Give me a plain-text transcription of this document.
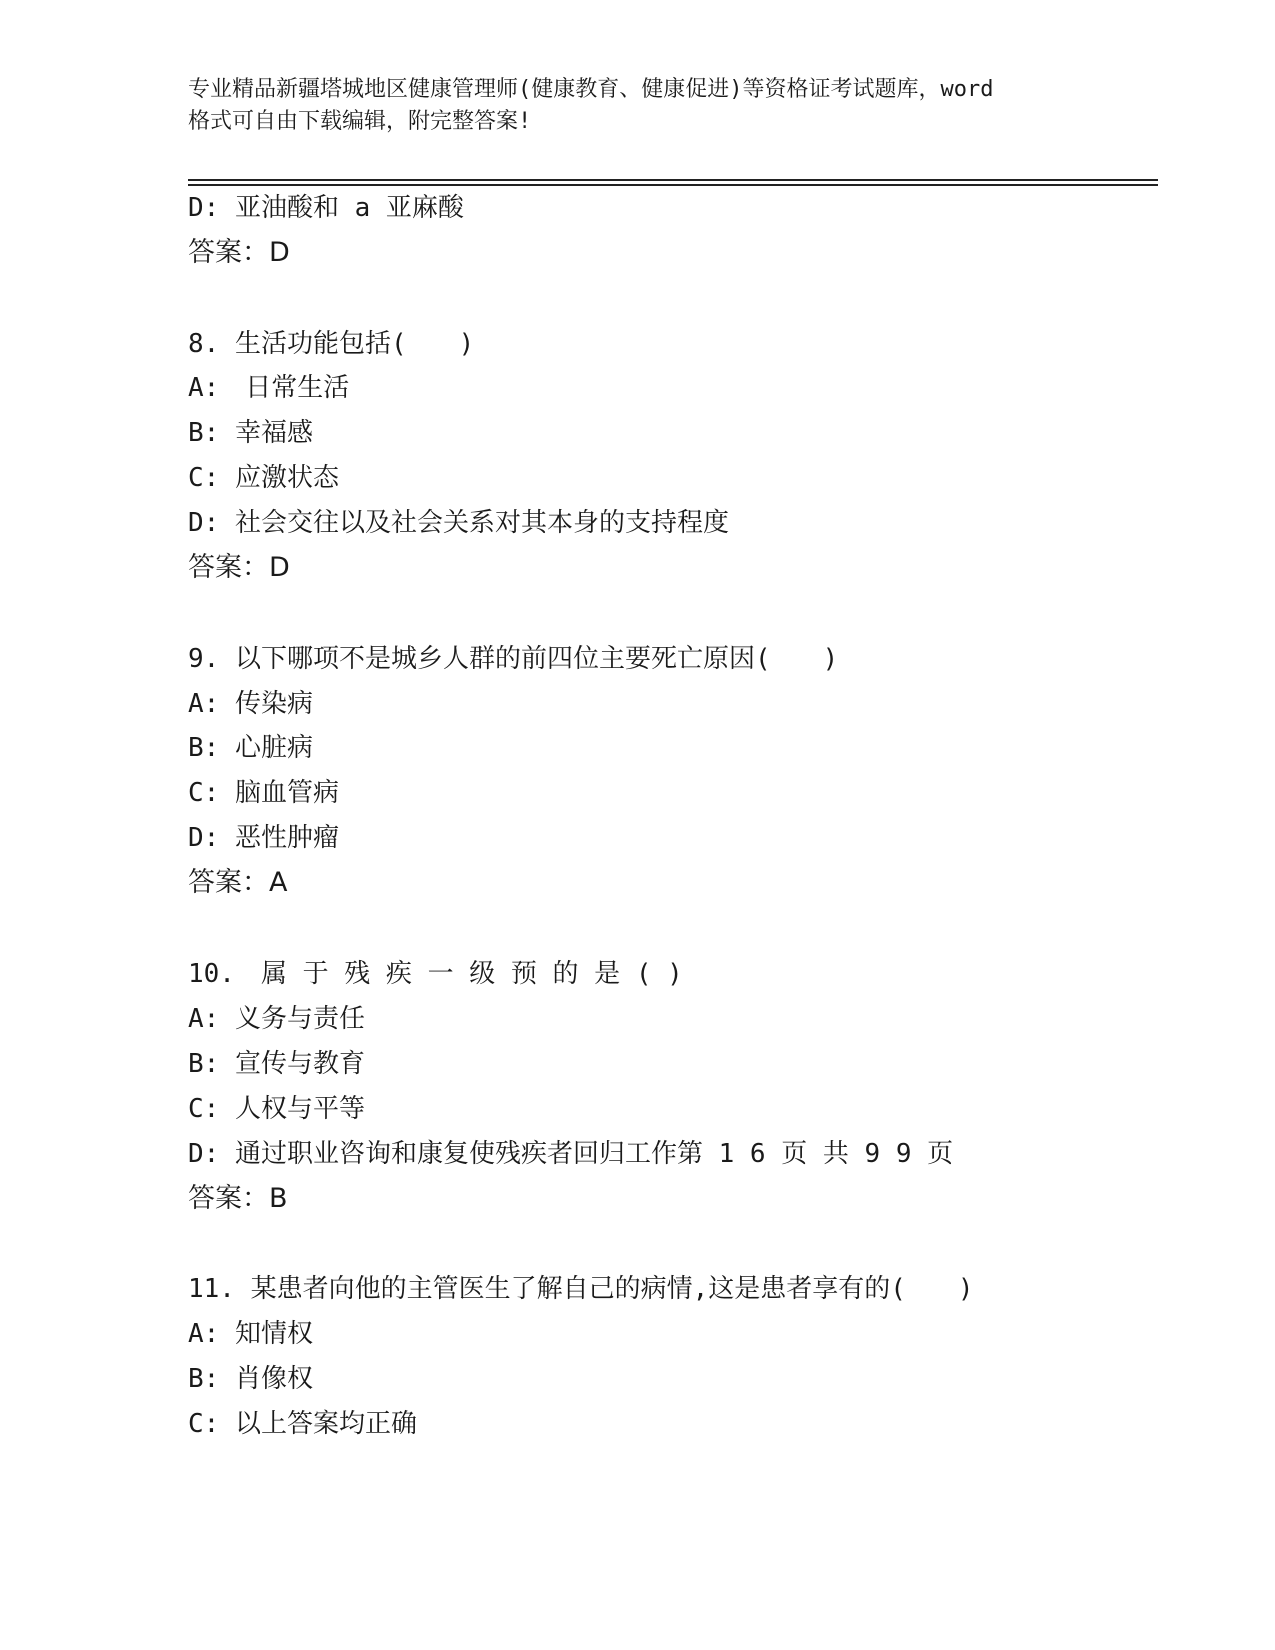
专业精品新疆塔城地区健康管理师(健康教育、健康促进)等资格证考试题库，word
格式可自由下载编辑，附完整答案!
D: 亚油酸和 a 亚麻酸
答案：D
8. 生活功能包括(　　)
A:　日常生活
B: 幸福感
C: 应激状态
D: 社会交往以及社会关系对其本身的支持程度
答案：D
9. 以下哪项不是城乡人群的前四位主要死亡原因(　　)
A: 传染病
B: 心脏病
C: 脑血管病
D: 恶性肿瘤
答案：A
10.　属 于 残 疾 一 级 预 的 是 ( )
A: 义务与责任
B: 宣传与教育
C: 人权与平等
D: 通过职业咨询和康复使残疾者回归工作第 1 6 页 共 9 9 页
答案：B
11. 某患者向他的主管医生了解自己的病情,这是患者享有的(　　)
A: 知情权
B: 肖像权
C: 以上答案均正确
